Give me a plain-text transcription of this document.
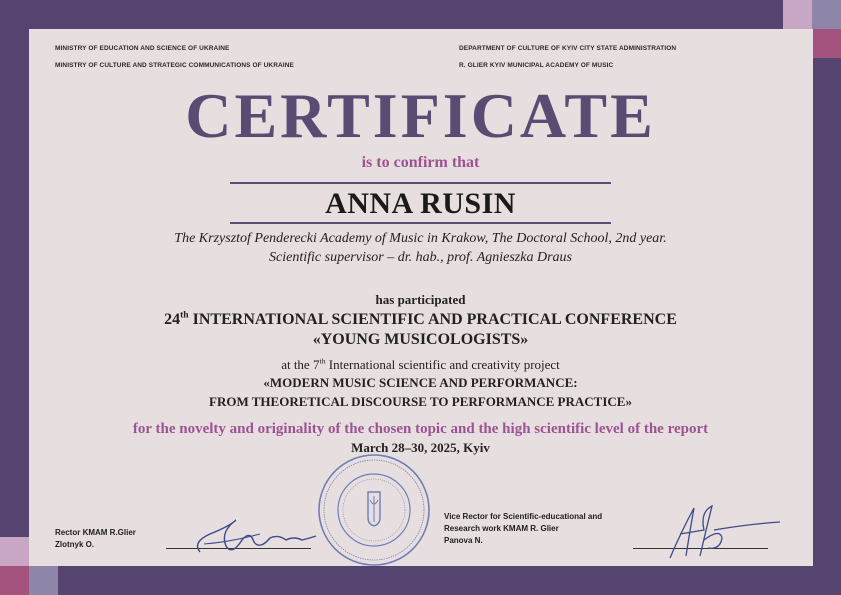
MINISTRY OF EDUCATION AND SCIENCE OF UKRAINE
MINISTRY OF CULTURE AND STRATEGIC COMMUNICATIONS OF UKRAINE
DEPARTMENT OF CULTURE OF KYIV CITY STATE ADMINISTRATION
R. GLIER KYIV MUNICIPAL ACADEMY OF MUSIC
CERTIFICATE
is to confirm that
ANNA RUSIN
The Krzysztof Penderecki Academy of Music in Krakow, The Doctoral School, 2nd year.
Scientific supervisor – dr. hab., prof. Agnieszka Draus
has participated
24th INTERNATIONAL SCIENTIFIC AND PRACTICAL CONFERENCE
«YOUNG MUSICOLOGISTS»
at the 7th International scientific and creativity project
«MODERN MUSIC SCIENCE AND PERFORMANCE:
FROM THEORETICAL DISCOURSE TO PERFORMANCE PRACTICE»
for the novelty and originality of the chosen topic and the high scientific level of the report
March 28–30, 2025, Kyiv
Rector KMAM R.Glier
Zlotnyk O.
Vice Rector for Scientific-educational and
Research work KMAM R. Glier
Panova N.
